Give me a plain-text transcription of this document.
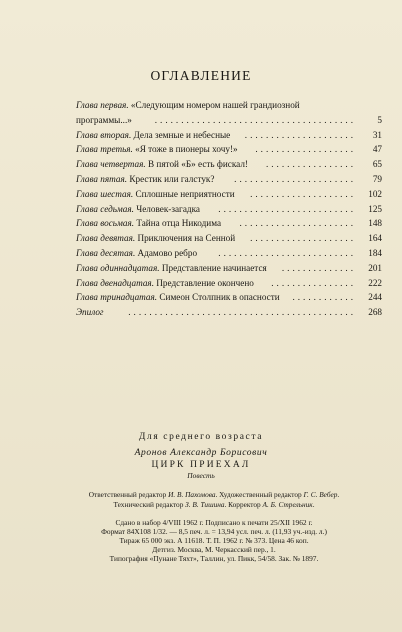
ОГЛАВЛЕНИЕ
Глава первая. «Следующим номером нашей грандиозной
программы...» ......................................	5
Глава вторая. Дела земные и небесные .....................	31
Глава третья. «Я тоже в пионеры хочу!» ...................	47
Глава четвертая. В пятой «Б» есть фискал! .................	65
Глава пятая. Крестик или галстук? .......................	79
Глава шестая. Сплошные неприятности ....................	102
Глава седьмая. Человек-загадка ..........................	125
Глава восьмая. Тайна отца Никодима ......................	148
Глава девятая. Приключения на Сенной ....................	164
Глава десятая. Адамово ребро ..........................	184
Глава одиннадцатая. Представление начинается ..............	201
Глава двенадцатая. Представление окончено ................	222
Глава тринадцатая. Симеон Столпник в опасности ............	244
Эпилог	...........................................	268
Для среднего возраста
Аронов Александр Борисович
ЦИРК ПРИЕХАЛ
Повесть
Ответственный редактор И. В. Пахомова. Художественный редактор Г. С. Вебер.
Технический редактор З. В. Тишина. Корректор А. Б. Стрельник.
Сдано в набор 4/VIII 1962 г. Подписано к печати 25/XII 1962 г.
Формат 84X108 1/32. — 8,5 печ. л. = 13,94 усл. печ. л. (11,93 уч.-изд. л.)
Тираж 65 000 экз. А 11618. Т. П. 1962 г. № 373. Цена 46 коп.
Детгиз. Москва, М. Черкасский пер., 1.
Типография «Пунане Тяхт», Таллин, ул. Пикк, 54/58. Зак. № 1897.
